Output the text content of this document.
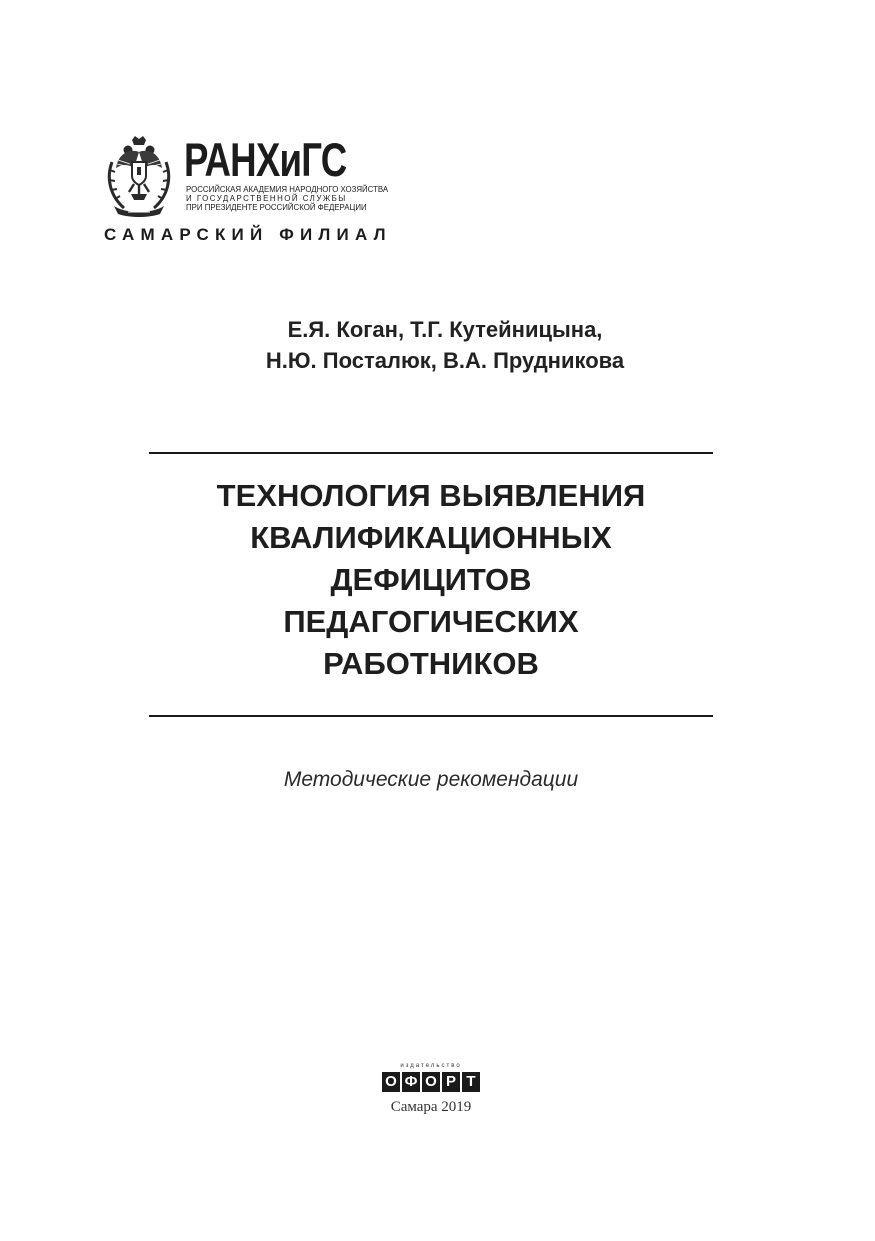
РАНХиГС
РОССИЙСКАЯ АКАДЕМИЯ НАРОДНОГО ХОЗЯЙСТВА
И ГОСУДАРСТВЕННОЙ СЛУЖБЫ
ПРИ ПРЕЗИДЕНТЕ РОССИЙСКОЙ ФЕДЕРАЦИИ
САМАРСКИЙ ФИЛИАЛ
Е.Я. Коган, Т.Г. Кутейницына,
Н.Ю. Посталюк, В.А. Прудникова
ТЕХНОЛОГИЯ ВЫЯВЛЕНИЯ
КВАЛИФИКАЦИОННЫХ
ДЕФИЦИТОВ
ПЕДАГОГИЧЕСКИХ
РАБОТНИКОВ
Методические рекомендации
издательство
О Ф О Р Т
Самара 2019
